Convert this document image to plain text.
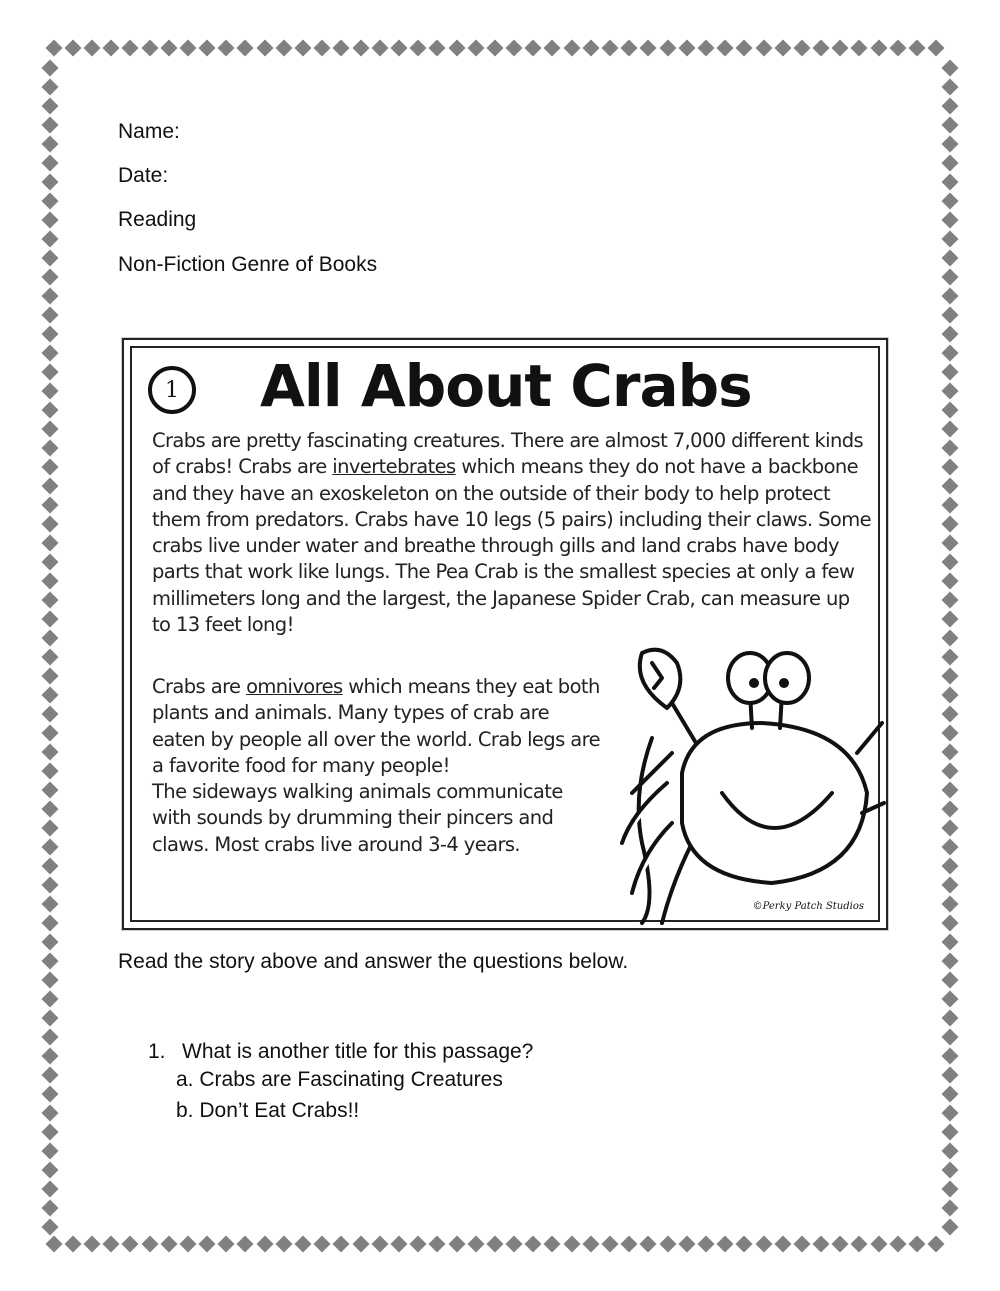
Name:
Date:
Reading
Non-Fiction Genre of Books
1 All About Crabs
Crabs are pretty fascinating creatures. There are almost 7,000 different kinds of crabs! Crabs are invertebrates which means they do not have a backbone and they have an exoskeleton on the outside of their body to help protect them from predators. Crabs have 10 legs (5 pairs) including their claws. Some crabs live under water and breathe through gills and land crabs have body parts that work like lungs. The Pea Crab is the smallest species at only a few millimeters long and the largest, the Japanese Spider Crab, can measure up to 13 feet long!
Crabs are omnivores which means they eat both plants and animals. Many types of crab are eaten by people all over the world. Crab legs are a favorite food for many people!
The sideways walking animals communicate with sounds by drumming their pincers and claws. Most crabs live around 3-4 years.
©Perky Patch Studios
Read the story above and answer the questions below.
1. What is another title for this passage?
a. Crabs are Fascinating Creatures
b. Don’t Eat Crabs!!
